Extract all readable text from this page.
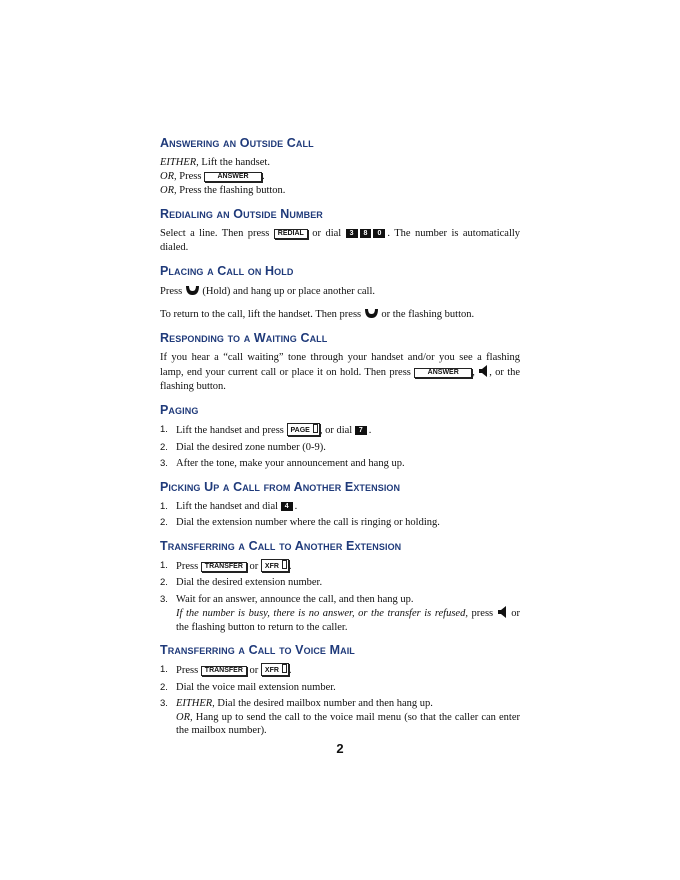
Answering an Outside Call

EITHER, Lift the handset.

OR, Press ANSWER .

OR, Press the flashing button.

Redialing an Outside Number

Select a line. Then press REDIAL or dial 3 8 0 . The number is automatically dialed.

Placing a Call on Hold

Press (Hold) and hang up or place another call.

To return to the call, lift the handset. Then press or the flashing button.

Responding to a Waiting Call

If you hear a “call waiting” tone through your handset and/or you see a flashing lamp, end your current call or place it on hold. Then press ANSWER , , or the flashing button.

Paging
1. Lift the handset and press PAGE , or dial 7 .
2. Dial the desired zone number (0-9).
3. After the tone, make your announcement and hang up.
Picking Up a Call from Another Extension
1. Lift the handset and dial 4 .
2. Dial the extension number where the call is ringing or holding.
Transferring a Call to Another Extension
1. Press TRANSFER or XFR .
2. Dial the desired extension number.
3. Wait for an answer, announce the call, and then hang up.
If the number is busy, there is no answer, or the transfer is refused, press or the flashing button to return to the caller.
Transferring a Call to Voice Mail
1. Press TRANSFER or XFR .
2. Dial the voice mail extension number.
3. EITHER, Dial the desired mailbox number and then hang up.
OR, Hang up to send the call to the voice mail menu (so that the caller can enter the mailbox number).
2
